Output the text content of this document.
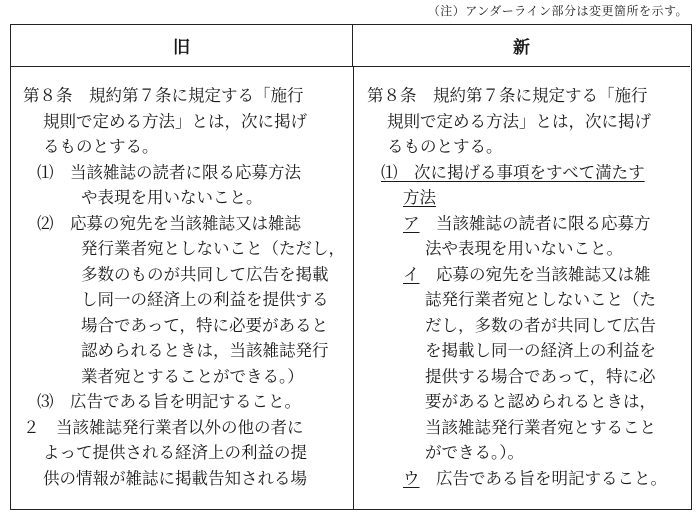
（注）アンダーライン部分は変更箇所を示す。
旧	新
第８条　規約第７条に規定する「施行
規則で定める方法」とは，次に掲げ
るものとする。
⑴　当該雑誌の読者に限る応募方法
や表現を用いないこと。
⑵　応募の宛先を当該雑誌又は雑誌
発行業者宛としないこと（ただし，
多数のものが共同して広告を掲載
し同一の経済上の利益を提供する
場合であって，特に必要があると
認められるときは，当該雑誌発行
業者宛とすることができる。）
⑶　広告である旨を明記すること。
２　当該雑誌発行業者以外の他の者に
よって提供される経済上の利益の提
供の情報が雑誌に掲載告知される場
第８条　規約第７条に規定する「施行
規則で定める方法」とは，次に掲げ
るものとする。
⑴　次に掲げる事項をすべて満たす
方法
ア　当該雑誌の読者に限る応募方
法や表現を用いないこと。
イ　応募の宛先を当該雑誌又は雑
誌発行業者宛としないこと（た
だし，多数の者が共同して広告
を掲載し同一の経済上の利益を
提供する場合であって，特に必
要があると認められるときは，
当該雑誌発行業者宛とすること
ができる。）。
ウ　広告である旨を明記すること。
